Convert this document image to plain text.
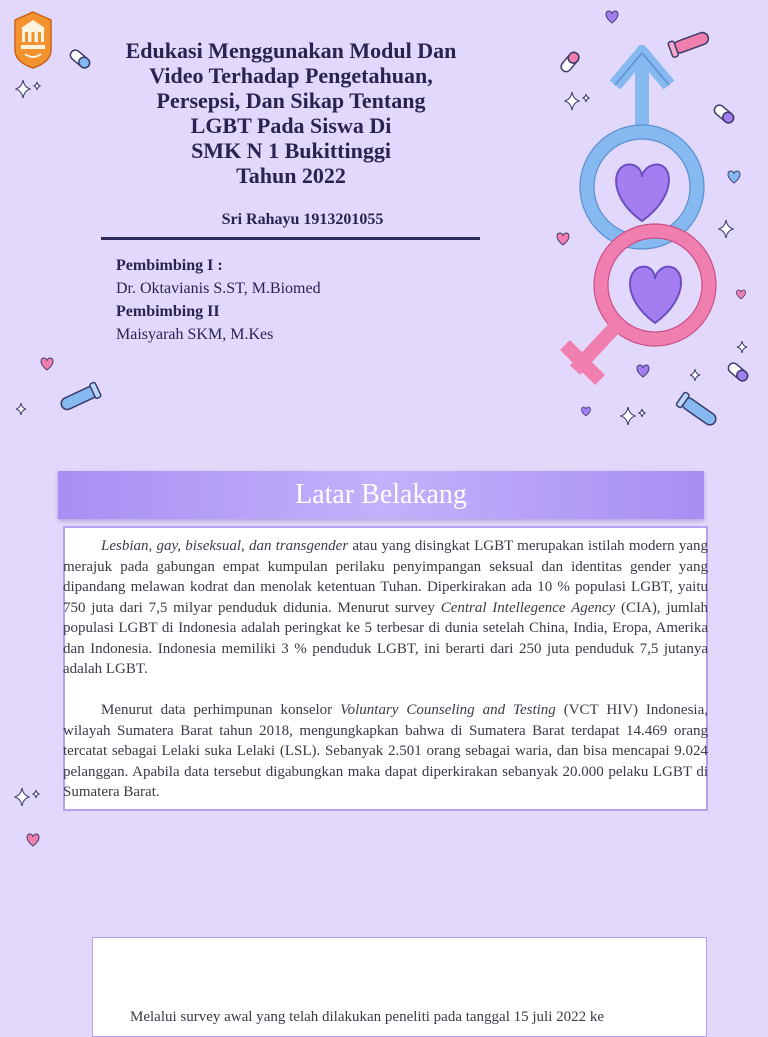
Edukasi Menggunakan Modul Dan
Video Terhadap Pengetahuan,
Persepsi, Dan Sikap Tentang
LGBT Pada Siswa Di
SMK N 1 Bukittinggi
Tahun 2022
Sri Rahayu 1913201055
Pembimbing I :
Dr. Oktavianis S.ST, M.Biomed
Pembimbing II
Maisyarah SKM, M.Kes
Latar Belakang

Lesbian, gay, biseksual, dan transgender atau yang disingkat LGBT merupakan istilah modern yang merajuk pada gabungan empat kumpulan perilaku penyimpangan seksual dan identitas gender yang dipandang melawan kodrat dan menolak ketentuan Tuhan. Diperkirakan ada 10 % populasi LGBT, yaitu 750 juta dari 7,5 milyar penduduk didunia. Menurut survey Central Intellegence Agency (CIA), jumlah populasi LGBT di Indonesia adalah peringkat ke 5 terbesar di dunia setelah China, India, Eropa, Amerika dan Indonesia. Indonesia memiliki 3 % penduduk LGBT, ini berarti dari 250 juta penduduk 7,5 jutanya adalah LGBT.

Menurut data perhimpunan konselor Voluntary Counseling and Testing (VCT HIV) Indonesia, wilayah Sumatera Barat tahun 2018, mengungkapkan bahwa di Sumatera Barat terdapat 14.469 orang tercatat sebagai Lelaki suka Lelaki (LSL). Sebanyak 2.501 orang sebagai waria, dan bisa mencapai 9.024 pelanggan. Apabila data tersebut digabungkan maka dapat diperkirakan sebanyak 20.000 pelaku LGBT di Sumatera Barat.

Melalui survey awal yang telah dilakukan peneliti pada tanggal 15 juli 2022 ke
